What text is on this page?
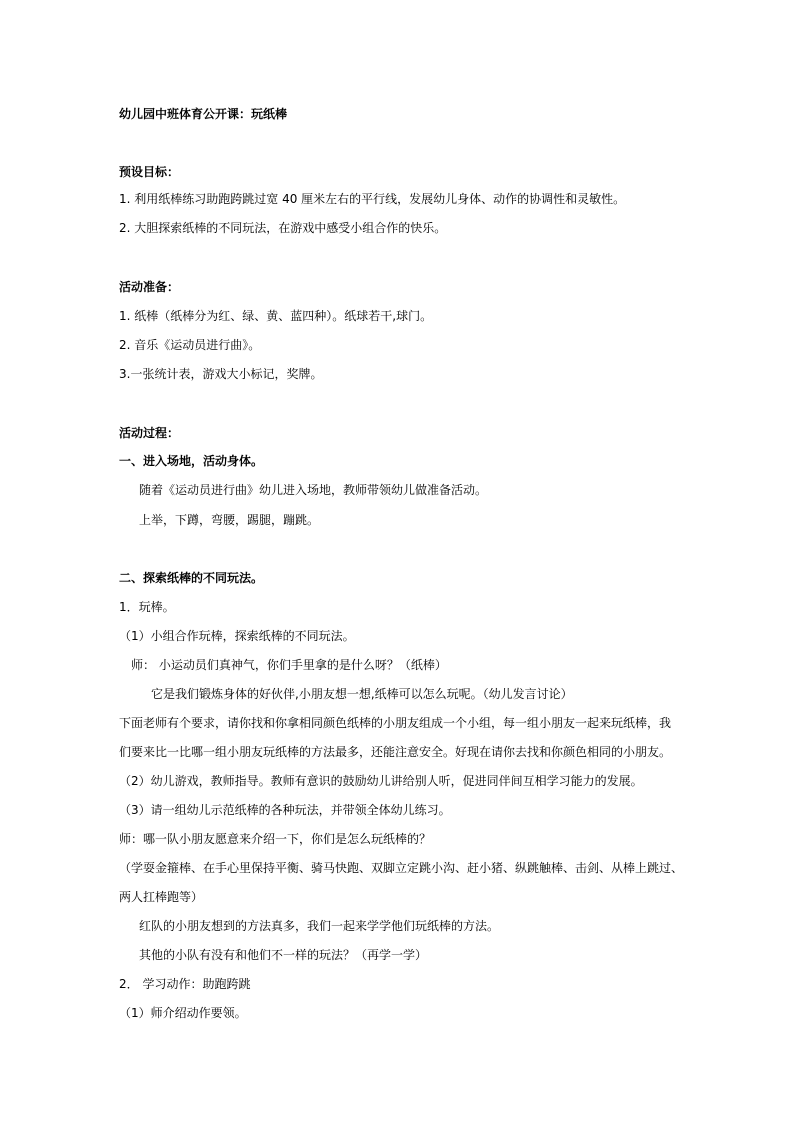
幼儿园中班体育公开课：玩纸棒
预设目标：
1. 利用纸棒练习助跑跨跳过宽 40 厘米左右的平行线，发展幼儿身体、动作的协调性和灵敏性。
2. 大胆探索纸棒的不同玩法，在游戏中感受小组合作的快乐。
活动准备：
1. 纸棒（纸棒分为红、绿、黄、蓝四种）。纸球若干,球门。
2. 音乐《运动员进行曲》。
3.一张统计表，游戏大小标记，奖牌。
活动过程：
一、进入场地，活动身体。
随着《运动员进行曲》幼儿进入场地，教师带领幼儿做准备活动。
上举，下蹲，弯腰，踢腿，蹦跳。
二、探索纸棒的不同玩法。
1．玩棒。
（1）小组合作玩棒，探索纸棒的不同玩法。
师： 小运动员们真神气，你们手里拿的是什么呀？（纸棒）
它是我们锻炼身体的好伙伴,小朋友想一想,纸棒可以怎么玩呢。（幼儿发言讨论）
下面老师有个要求，请你找和你拿相同颜色纸棒的小朋友组成一个小组，每一组小朋友一起来玩纸棒，我
们要来比一比哪一组小朋友玩纸棒的方法最多，还能注意安全。好现在请你去找和你颜色相同的小朋友。
（2）幼儿游戏，教师指导。教师有意识的鼓励幼儿讲给别人听，促进同伴间互相学习能力的发展。
（3）请一组幼儿示范纸棒的各种玩法，并带领全体幼儿练习。
师：哪一队小朋友愿意来介绍一下，你们是怎么玩纸棒的？
（学耍金箍棒、在手心里保持平衡、骑马快跑、双脚立定跳小沟、赶小猪、纵跳触棒、击剑、从棒上跳过、
两人扛棒跑等）
红队的小朋友想到的方法真多，我们一起来学学他们玩纸棒的方法。
其他的小队有没有和他们不一样的玩法？（再学一学）
2． 学习动作：助跑跨跳
（1）师介绍动作要领。
